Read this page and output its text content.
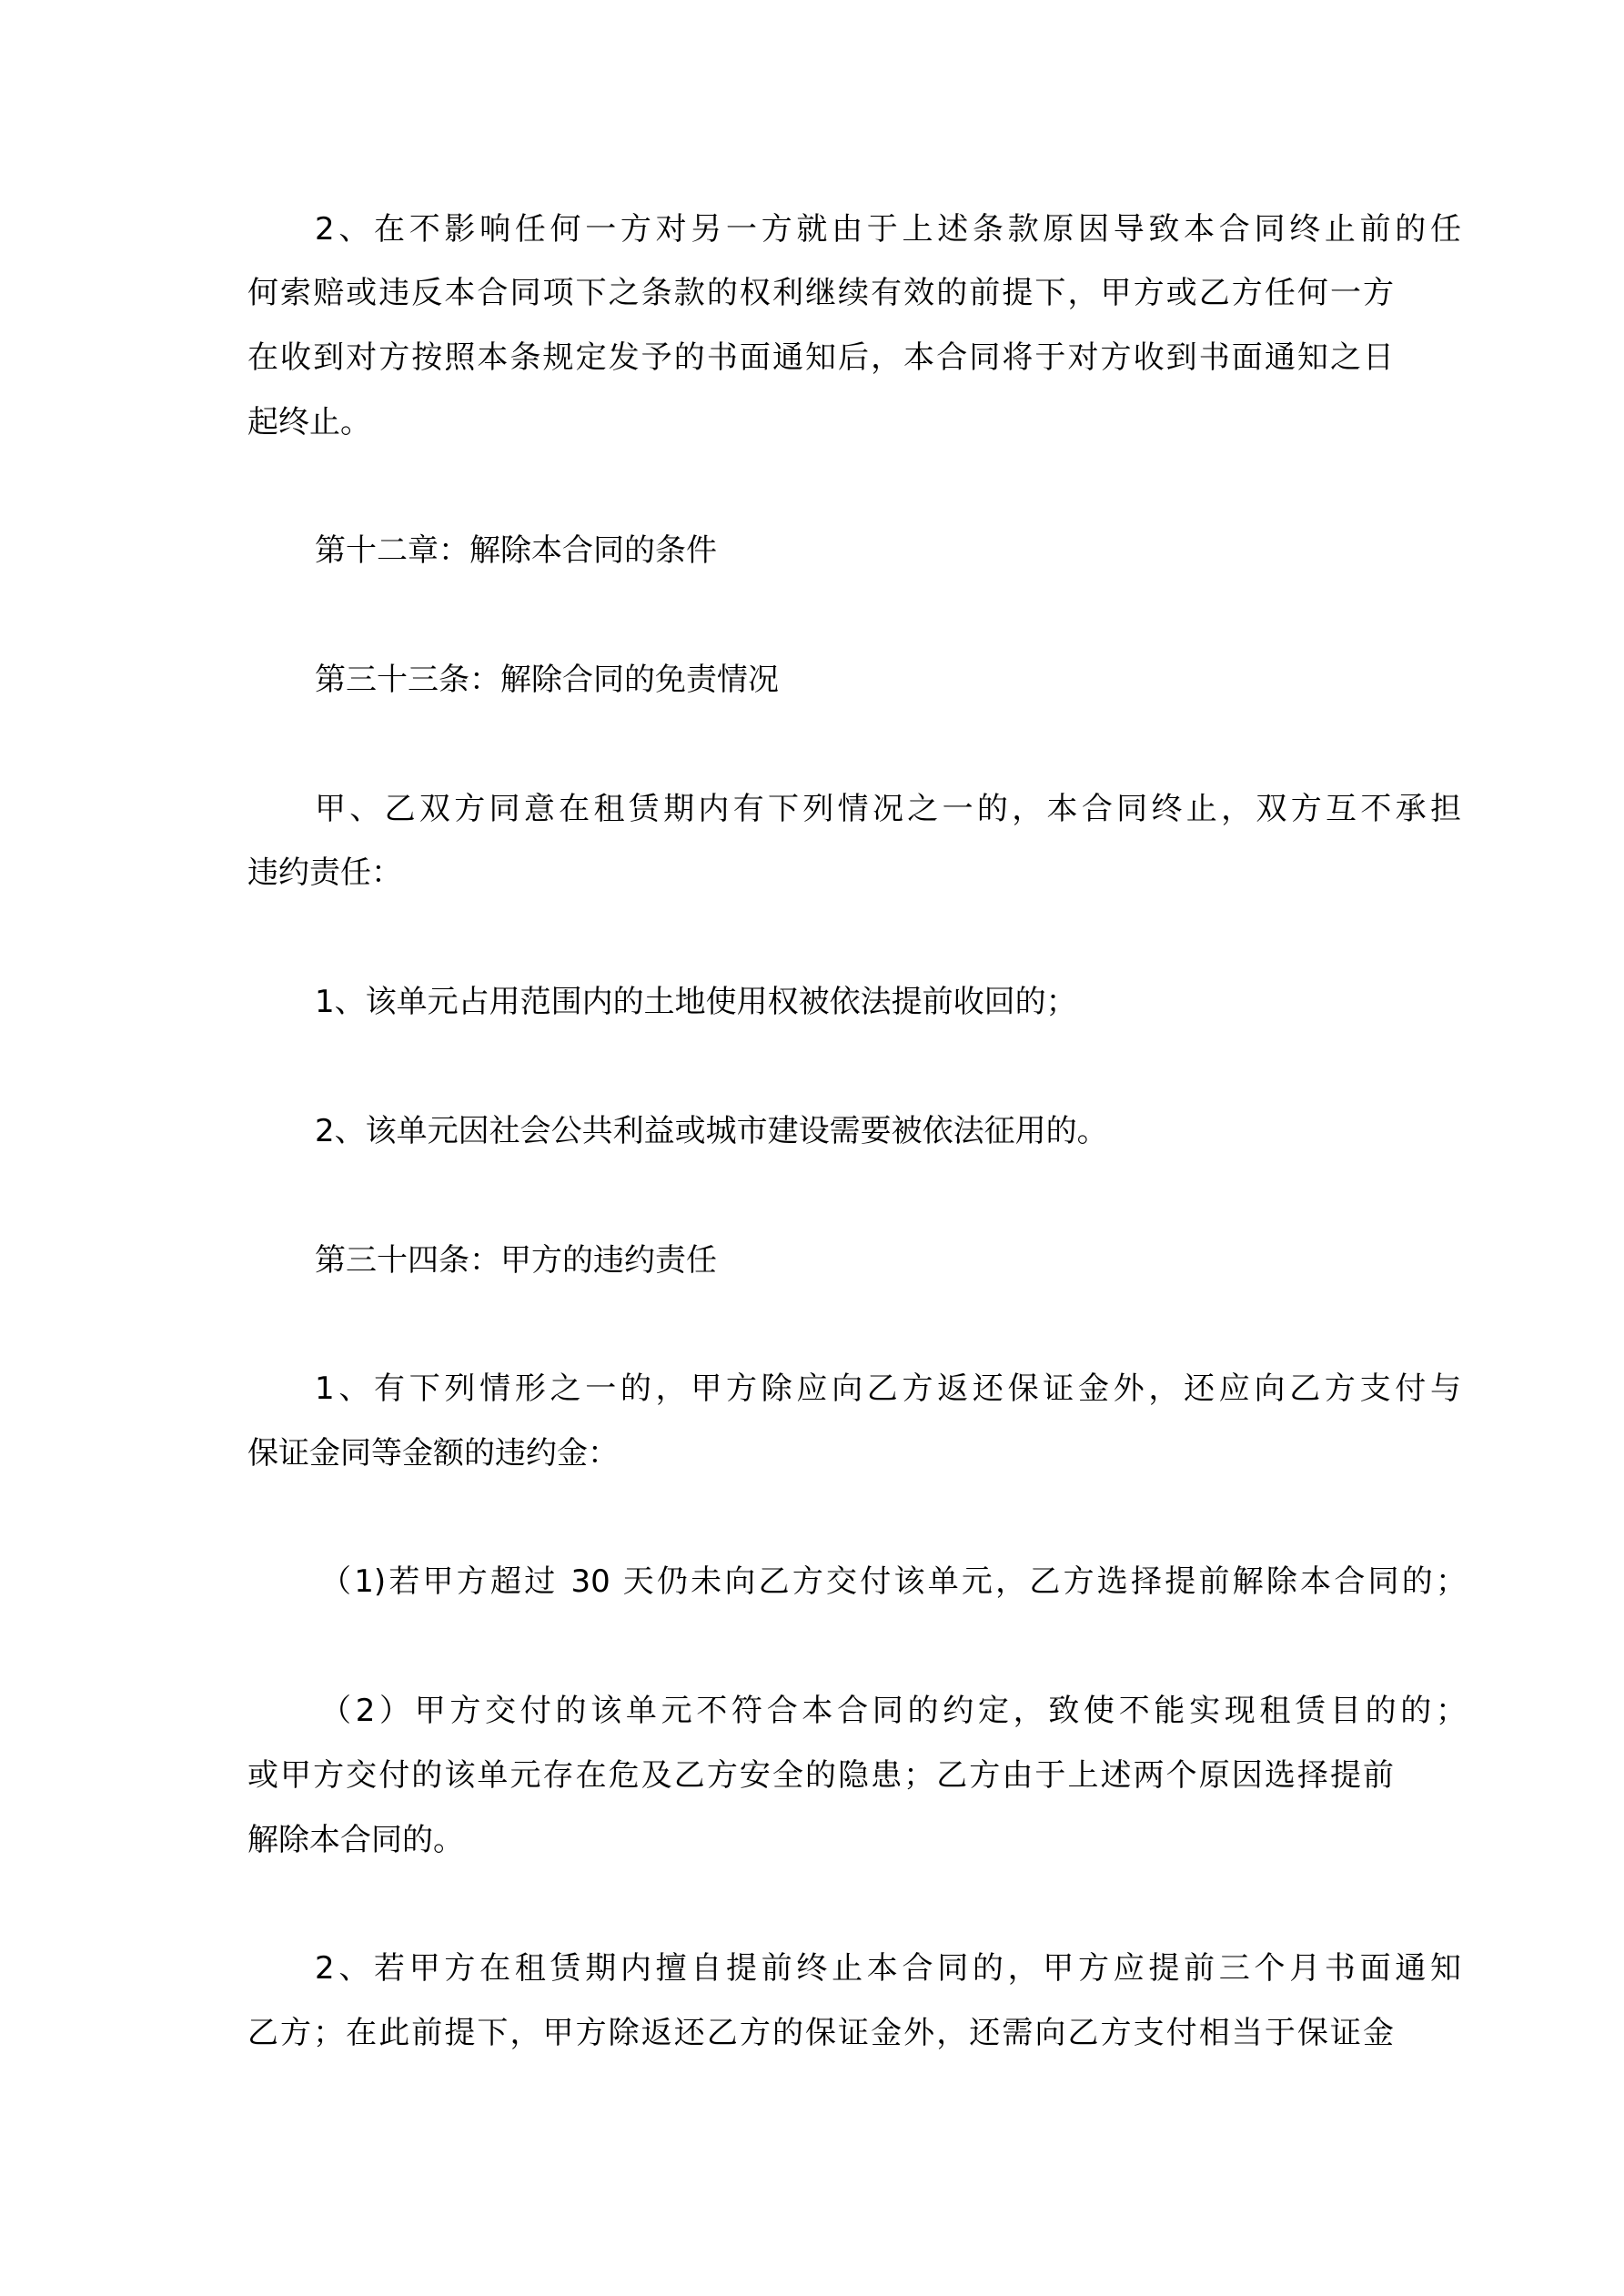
2、在不影响任何一方对另一方就由于上述条款原因导致本合同终止前的任

何索赔或违反本合同项下之条款的权利继续有效的前提下，甲方或乙方任何一方

在收到对方按照本条规定发予的书面通知后，本合同将于对方收到书面通知之日

起终止。

第十二章：解除本合同的条件

第三十三条：解除合同的免责情况

甲、乙双方同意在租赁期内有下列情况之一的，本合同终止，双方互不承担

违约责任：

1、该单元占用范围内的土地使用权被依法提前收回的；

2、该单元因社会公共利益或城市建设需要被依法征用的。

第三十四条：甲方的违约责任

1、有下列情形之一的，甲方除应向乙方返还保证金外，还应向乙方支付与

保证金同等金额的违约金：

（1)若甲方超过 30 天仍未向乙方交付该单元，乙方选择提前解除本合同的；

（2）甲方交付的该单元不符合本合同的约定，致使不能实现租赁目的的；

或甲方交付的该单元存在危及乙方安全的隐患；乙方由于上述两个原因选择提前

解除本合同的。

2、若甲方在租赁期内擅自提前终止本合同的，甲方应提前三个月书面通知

乙方；在此前提下，甲方除返还乙方的保证金外，还需向乙方支付相当于保证金
